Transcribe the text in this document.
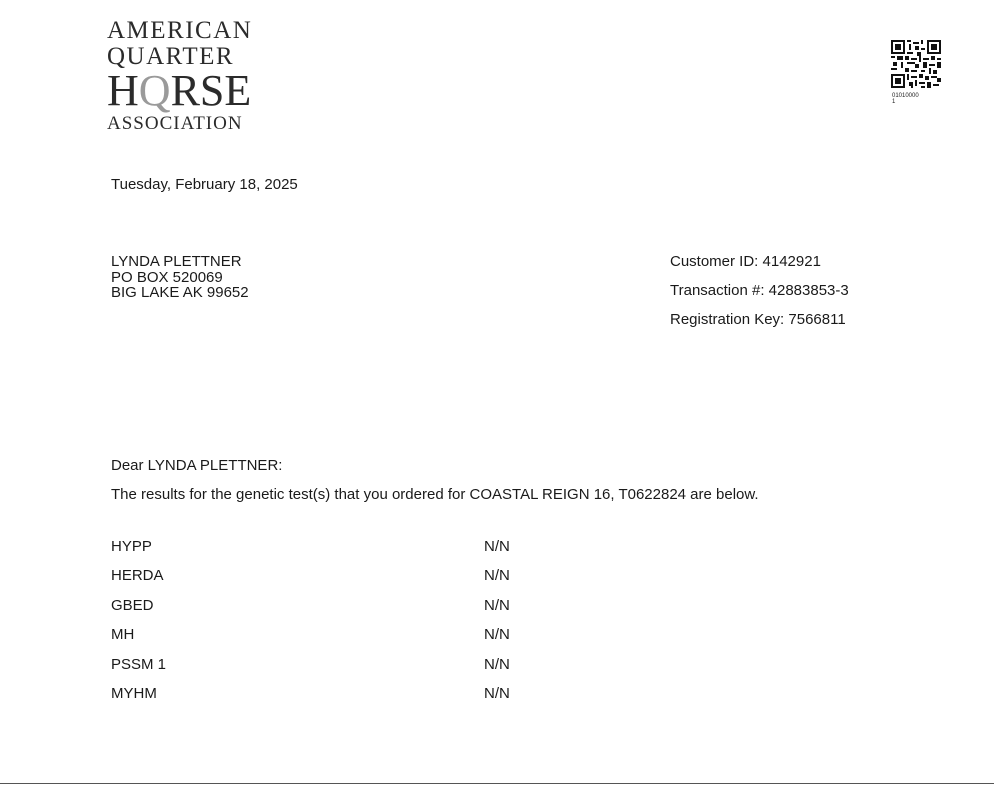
AMERICAN
QUARTER
HQRSE
ASSOCIATION
01010000
1
Tuesday, February 18, 2025
LYNDA PLETTNER
PO BOX 520069
BIG LAKE AK 99652
Customer ID: 4142921
Transaction #: 42883853-3
Registration Key: 7566811
Dear LYNDA PLETTNER:
The results for the genetic test(s) that you ordered for COASTAL REIGN 16, T0622824 are below.
HYPP	N/N
HERDA	N/N
GBED	N/N
MH	N/N
PSSM 1	N/N
MYHM	N/N
